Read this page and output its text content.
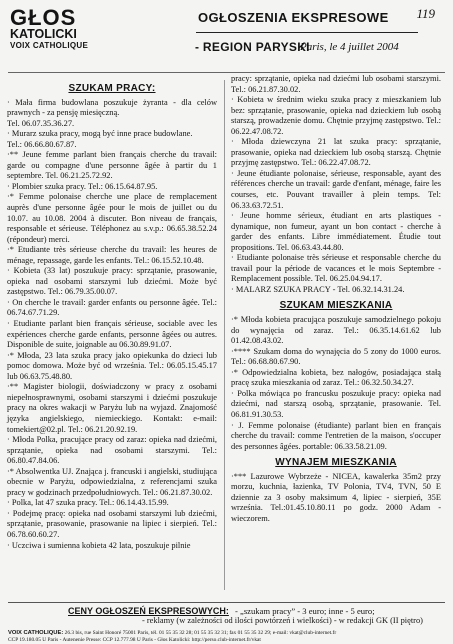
GŁOS
KATOLICKI
VOIX CATHOLIQUE
119
OGŁOSZENIA EKSPRESOWE
- REGION PARYSKI
Paris, le 4 juillet 2004
SZUKAM PRACY:

· Mała firma budowlana poszukuje żyranta - dla celów prawnych - za pensję miesięczną.
Tel. 06.07.35.36.27.

· Murarz szuka pracy, mogą być inne prace budowlane.
Tel.: 06.66.80.67.87.

·** Jeune femme parlant bien français cherche du travail: garde ou compagne d'une personne âgée à partir du 1 septembre. Tel. 06.21.25.72.92.

· Plombier szuka pracy. Tel.: 06.15.64.87.95.

·* Femme polonaise cherche une place de remplacement auprès d'une personne âgée pour le mois de juillet ou du 10.07. au 10.08. 2004 à discuter. Bon niveau de français, responsable et sérieuse. Téléphonez au s.v.p.: 06.65.38.52.24 (répondeur) merci.

·* Etudiante très sérieuse cherche du travail: les heures de ménage, repassage, garde les enfants. Tel.: 06.15.52.10.48.

· Kobieta (33 lat) poszukuje pracy: sprzątanie, prasowanie, opieka nad osobami starszymi lub dziećmi. Może być zastępstwo. Tel.: 06.79.35.00.07.

· On cherche le travail: garder enfants ou personne âgée. Tel.: 06.74.67.71.29.

· Etudiante parlant bien français sérieuse, sociable avec les expériences cherche garde enfants, personne âgées ou autres. Disponible de suite, joignable au 06.30.89.91.07.

·* Młoda, 23 lata szuka pracy jako opiekunka do dzieci lub pomoc domowa. Może być od września. Tel.: 06.05.15.45.17 lub 06.63.75.48.80.

·** Magister biologii, doświadczony w pracy z osobami niepełnosprawnymi, osobami starszymi i dziećmi poszukuje pracy na okres wakacji w Paryżu lub na wyjazd. Znajomość języka angielskiego, niemieckiego. Kontakt: e-mail: tomekiert@02.pl. Tel.: 06.21.20.92.19.

· Młoda Polka, pracujące pracy od zaraz: opieka nad dziećmi, sprzątanie, opieka nad osobami starszymi. Tel.: 06.80.47.84.06.

·* Absolwentka UJ. Znająca j. francuski i angielski, studiująca obecnie w Paryżu, odpowiedzialna, z referencjami szuka pracy w godzinach przedpołudniowych. Tel.: 06.21.87.30.02.

· Polka, lat 47 szuka pracy. Tel.: 06.14.43.15.99.

· Podejmę pracę: opieka nad osobami starszymi lub dziećmi, sprzątanie, prasowanie, prasowanie na lipiec i sierpień. Tel.: 06.78.60.60.27.

· Uczciwa i sumienna kobieta 42 lata, poszukuje pilnie

pracy: sprzątanie, opieka nad dziećmi lub osobami starszymi. Tel.: 06.21.87.30.02.

· Kobieta w średnim wieku szuka pracy z mieszkaniem lub bez: sprzątanie, prasowanie, opieka nad dzieckiem lub osobą starszą, prowadzenie domu. Chętnie przyjmę zastępstwo. Tel.: 06.22.47.08.72.

· Młoda dziewczyna 21 lat szuka pracy: sprzątanie, prasowanie, opieka nad dzieckiem lub osobą starszą. Chętnie przyjmę zastępstwo. Tel.: 06.22.47.08.72.

· Jeune étudiante polonaise, sérieuse, responsable, ayant des références cherche un travail: garde d'enfant, ménage, faire les courses, etc. Pouvant travailler à plein temps. Tel: 06.33.63.72.51.

· Jeune homme sérieux, étudiant en arts plastiques - dynamique, non fumeur, ayant un bon contact - cherche à garder des enfants. Libre immédiatement. Étudie tout propositions. Tel. 06.63.43.44.80.

· Etudiante polonaise très sérieuse et responsable cherche du travail pour la période de vacances et le mois Septembre - Remplacement possible. Tel. 06.25.04.94.17.

· MALARZ SZUKA PRACY - Tel. 06.32.14.31.24.

SZUKAM MIESZKANIA

·* Młoda kobieta pracująca poszukuje samodzielnego pokoju do wynajęcia od zaraz. Tel.: 06.35.14.61.62 lub 01.42.08.43.02.

·**** Szukam doma do wynajęcia do 5 zony do 1000 euros. Tel.: 06.68.80.67.90.

·* Odpowiedzialna kobieta, bez nałogów, posiadająca stałą pracę szuka mieszkania od zaraz. Tel.: 06.32.50.34.27.

· Polka mówiąca po francusku poszukuje pracy: opieka nad dziećmi, nad starszą osobą, sprzątanie, prasowanie. Tel. 06.81.91.30.53.

· J. Femme polonaise (étudiante) parlant bien en français cherche du travail: comme l'entretien de la maison, s'occuper des personnes âgées. portable: 06.33.58.21.09.

WYNAJEM MIESZKANIA

·*** Lazurowe Wybrzeże - NICEA, kawalerka 35m2 przy morzu, kuchnia, łazienka, TV Polonia, TV4, TVN, 50 E dziennie za 3 osoby maksimum 4, lipiec - sierpień, 35E września. Tel.:01.45.10.80.11 po godz. 2000 Adam - wieczorem.

CENY OGŁOSZEŃ EKSPRESOWYCH: - „szukam pracy” - 3 euro; inne - 5 euro;
- reklamy (w zależności od ilości powtórzeń i wielkości) - w redakcji GK (II piętro)
VOIX CATHOLIQUE: 26.3 bis, rue Saint Honoré 75001 Paris, tél. 01 55 35 32 28; 01 55 35 32 31; fax 01 55 35 32 29; e-mail: vkat@club-internet.fr
CCP 19.180.05 U Paris - Autenenie Presse: CCP 12.777.98 U Paris - Głos Katolicki: http://perso.club-internet.fr/vkat
